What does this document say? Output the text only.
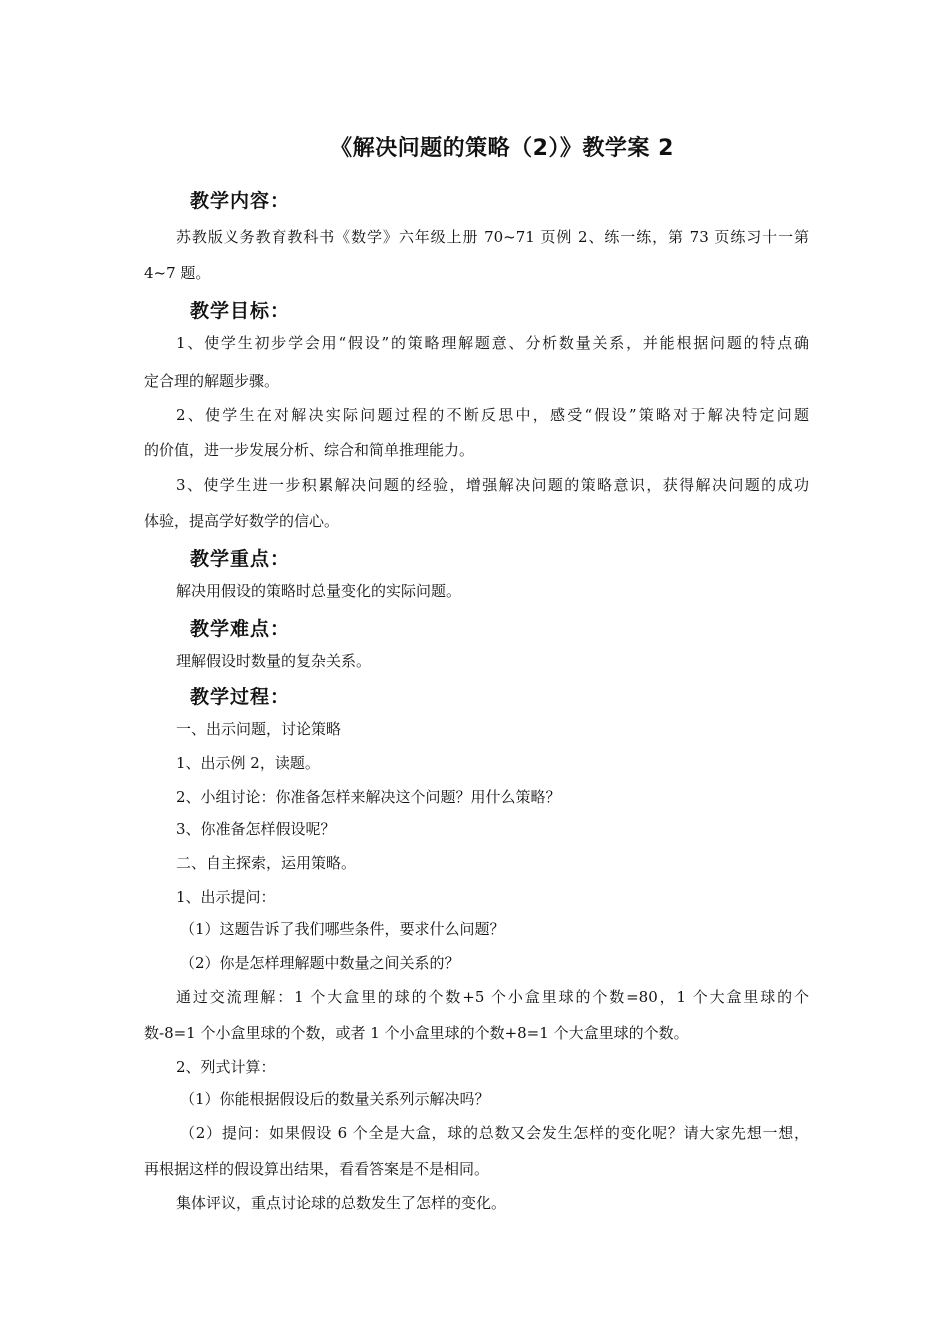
《解决问题的策略（2）》教学案 2
教学内容：
苏教版义务教育教科书《数学》六年级上册 70~71 页例 2、练一练，第 73 页练习十一第
4~7 题。
教学目标：
1、使学生初步学会用“假设”的策略理解题意、分析数量关系，并能根据问题的特点确
定合理的解题步骤。
2、使学生在对解决实际问题过程的不断反思中，感受“假设”策略对于解决特定问题
的价值，进一步发展分析、综合和简单推理能力。
3、使学生进一步积累解决问题的经验，增强解决问题的策略意识，获得解决问题的成功
体验，提高学好数学的信心。
教学重点：
解决用假设的策略时总量变化的实际问题。
教学难点：
理解假设时数量的复杂关系。
教学过程：
一、出示问题，讨论策略
1、出示例 2，读题。
2、小组讨论：你准备怎样来解决这个问题？用什么策略？
3、你准备怎样假设呢？
二、自主探索，运用策略。
1、出示提问：
（1）这题告诉了我们哪些条件，要求什么问题？
（2）你是怎样理解题中数量之间关系的？
通过交流理解：1 个大盒里的球的个数+5 个小盒里球的个数=80，1 个大盒里球的个
数-8=1 个小盒里球的个数，或者 1 个小盒里球的个数+8=1 个大盒里球的个数。
2、列式计算：
（1）你能根据假设后的数量关系列示解决吗？
（2）提问：如果假设 6 个全是大盒，球的总数又会发生怎样的变化呢？请大家先想一想，
再根据这样的假设算出结果，看看答案是不是相同。
集体评议，重点讨论球的总数发生了怎样的变化。
